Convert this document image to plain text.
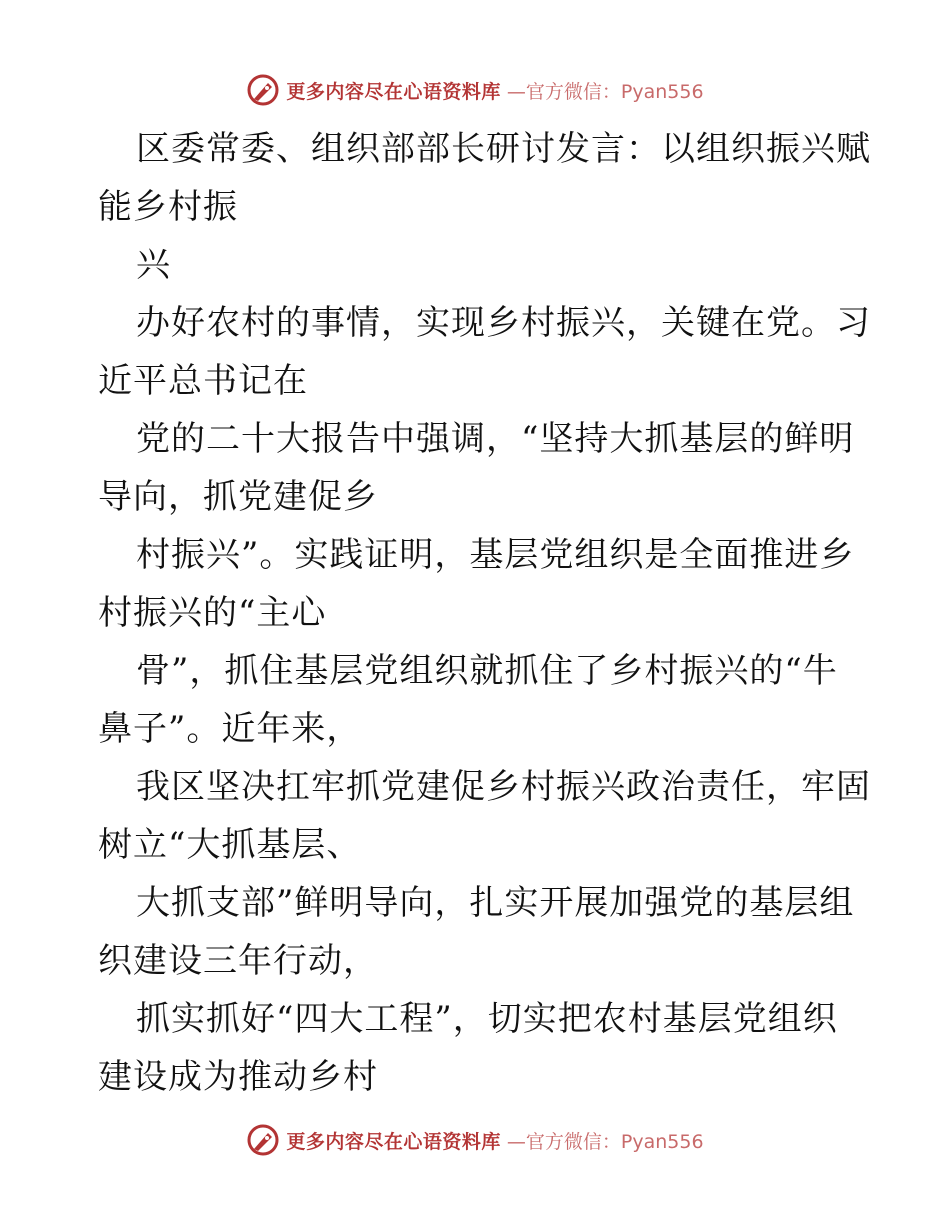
更多内容尽在心语资料库 —官方微信：Pyan556
区委常委、组织部部长研讨发言：以组织振兴赋
能乡村振
兴
办好农村的事情，实现乡村振兴，关键在党。习
近平总书记在
党的二十大报告中强调，“坚持大抓基层的鲜明
导向，抓党建促乡
村振兴”。实践证明，基层党组织是全面推进乡
村振兴的“主心
骨”，抓住基层党组织就抓住了乡村振兴的“牛
鼻子”。近年来，
我区坚决扛牢抓党建促乡村振兴政治责任，牢固
树立“大抓基层、
大抓支部”鲜明导向，扎实开展加强党的基层组
织建设三年行动，
抓实抓好“四大工程”，切实把农村基层党组织
建设成为推动乡村
更多内容尽在心语资料库 —官方微信：Pyan556
